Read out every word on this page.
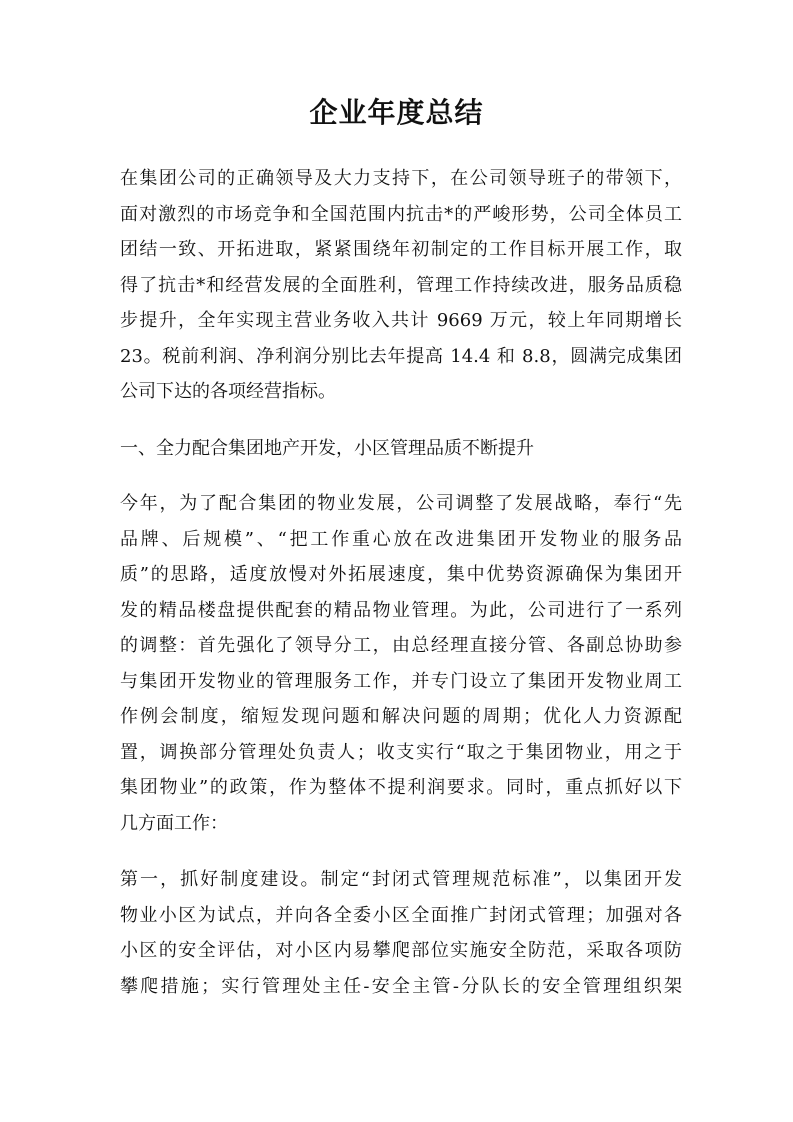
企业年度总结

在集团公司的正确领导及大力支持下，在公司领导班子的带领下，
面对激烈的市场竞争和全国范围内抗击*的严峻形势，公司全体员工
团结一致、开拓进取，紧紧围绕年初制定的工作目标开展工作，取
得了抗击*和经营发展的全面胜利，管理工作持续改进，服务品质稳
步提升，全年实现主营业务收入共计 9669 万元，较上年同期增长
23。税前利润、净利润分别比去年提高 14.4 和 8.8，圆满完成集团
公司下达的各项经营指标。

一、全力配合集团地产开发，小区管理品质不断提升

今年，为了配合集团的物业发展，公司调整了发展战略，奉行“先
品牌、后规模”、“把工作重心放在改进集团开发物业的服务品
质”的思路，适度放慢对外拓展速度，集中优势资源确保为集团开
发的精品楼盘提供配套的精品物业管理。为此，公司进行了一系列
的调整：首先强化了领导分工，由总经理直接分管、各副总协助参
与集团开发物业的管理服务工作，并专门设立了集团开发物业周工
作例会制度，缩短发现问题和解决问题的周期；优化人力资源配
置，调换部分管理处负责人；收支实行“取之于集团物业，用之于
集团物业”的政策，作为整体不提利润要求。同时，重点抓好以下
几方面工作：

第一，抓好制度建设。制定“封闭式管理规范标准”，以集团开发
物业小区为试点，并向各全委小区全面推广封闭式管理；加强对各
小区的安全评估，对小区内易攀爬部位实施安全防范，采取各项防
攀爬措施；实行管理处主任-安全主管-分队长的安全管理组织架
